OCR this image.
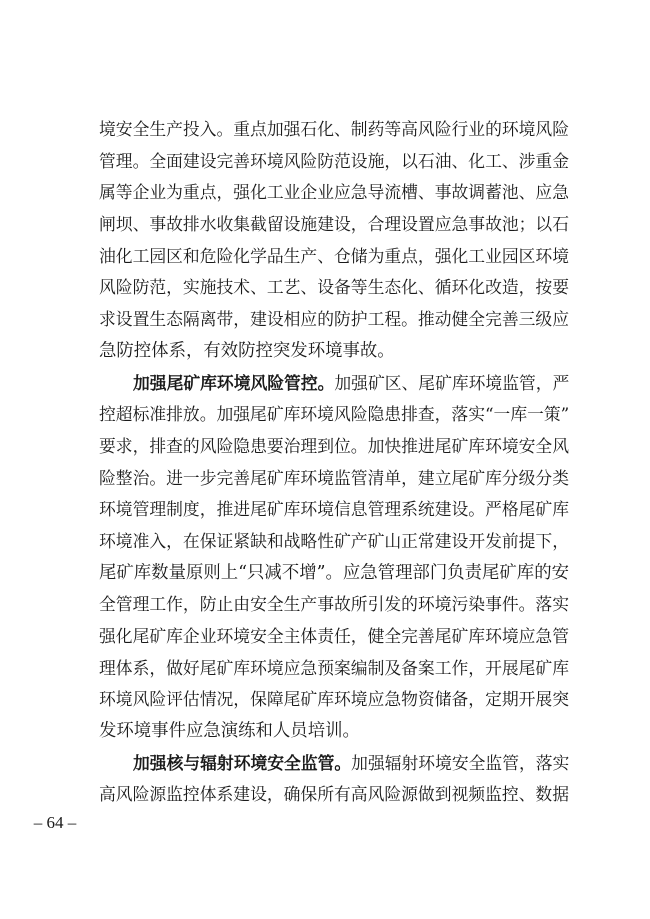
境安全生产投入。重点加强石化、制药等高风险行业的环境风险
管理。全面建设完善环境风险防范设施，以石油、化工、涉重金
属等企业为重点，强化工业企业应急导流槽、事故调蓄池、应急
闸坝、事故排水收集截留设施建设，合理设置应急事故池；以石
油化工园区和危险化学品生产、仓储为重点，强化工业园区环境
风险防范，实施技术、工艺、设备等生态化、循环化改造，按要
求设置生态隔离带，建设相应的防护工程。推动健全完善三级应
急防控体系，有效防控突发环境事故。
加强尾矿库环境风险管控。加强矿区、尾矿库环境监管，严
控超标准排放。加强尾矿库环境风险隐患排查，落实“一库一策”
要求，排查的风险隐患要治理到位。加快推进尾矿库环境安全风
险整治。进一步完善尾矿库环境监管清单，建立尾矿库分级分类
环境管理制度，推进尾矿库环境信息管理系统建设。严格尾矿库
环境准入，在保证紧缺和战略性矿产矿山正常建设开发前提下，
尾矿库数量原则上“只减不增”。应急管理部门负责尾矿库的安
全管理工作，防止由安全生产事故所引发的环境污染事件。落实
强化尾矿库企业环境安全主体责任，健全完善尾矿库环境应急管
理体系，做好尾矿库环境应急预案编制及备案工作，开展尾矿库
环境风险评估情况，保障尾矿库环境应急物资储备，定期开展突
发环境事件应急演练和人员培训。
加强核与辐射环境安全监管。加强辐射环境安全监管，落实
高风险源监控体系建设，确保所有高风险源做到视频监控、数据
– 64 –
